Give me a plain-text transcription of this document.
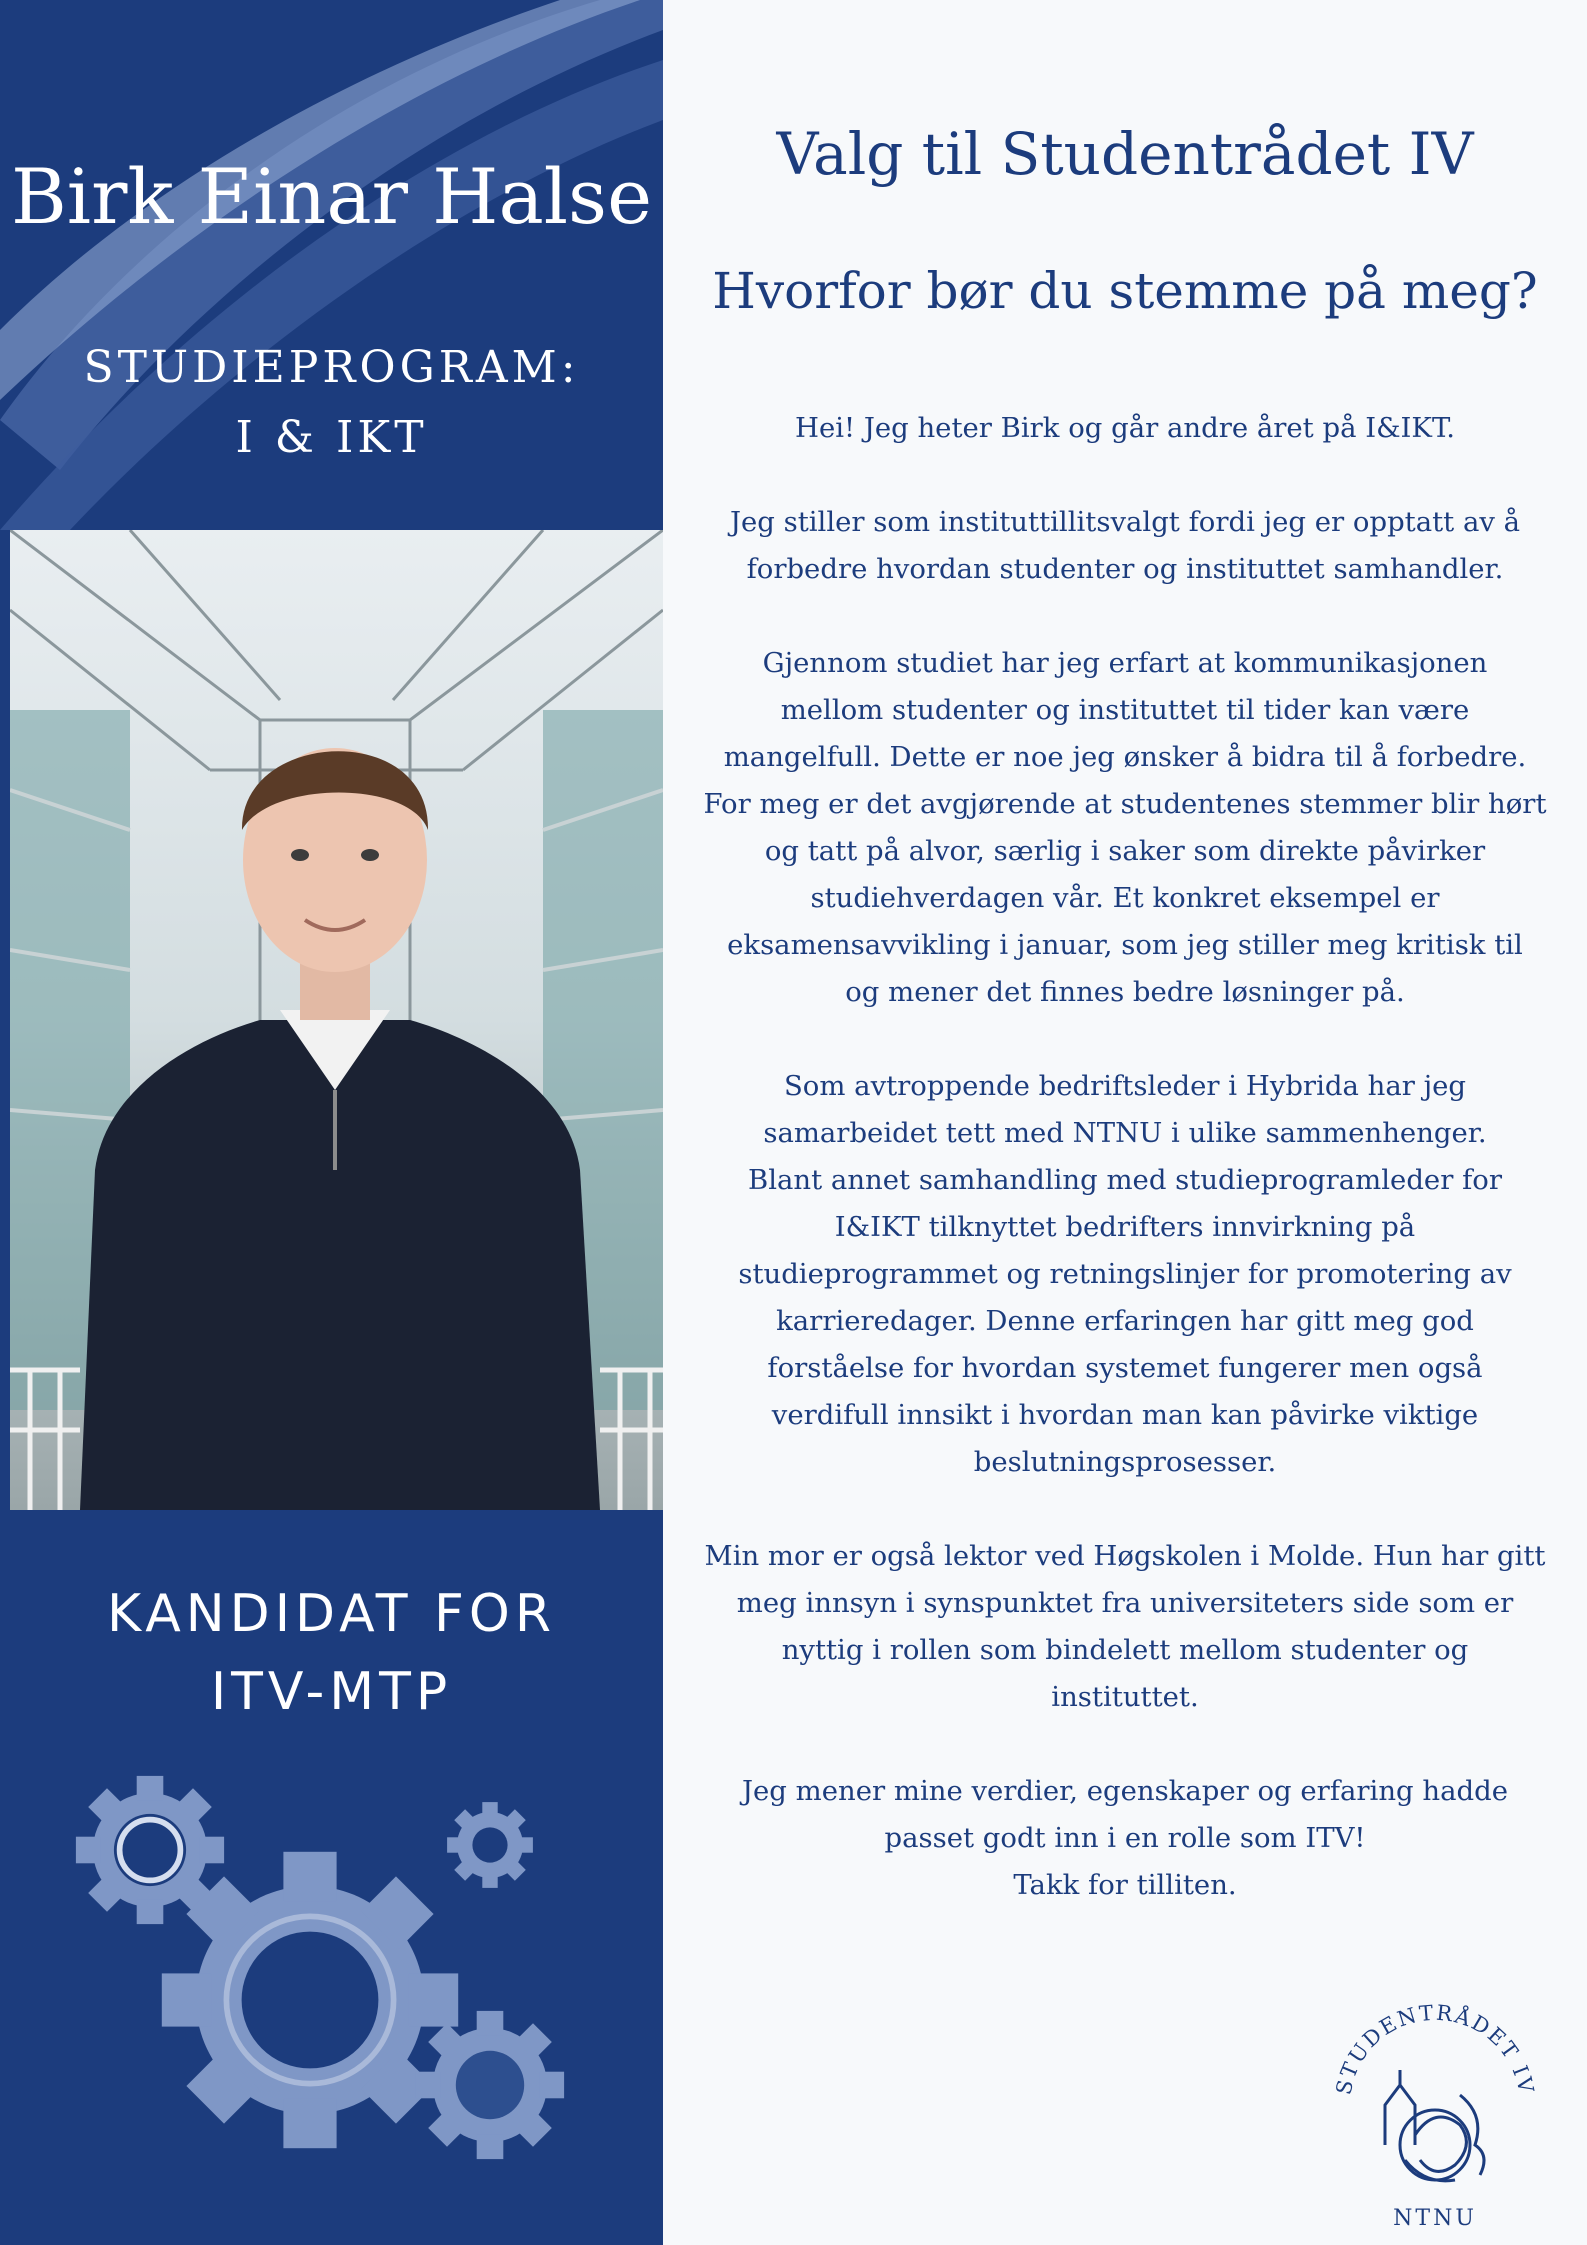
Birk Einar Halse
STUDIEPROGRAM:
I & IKT
KANDIDAT FOR
ITV-MTP
Valg til Studentrådet IV
Hvorfor bør du stemme på meg?

Hei! Jeg heter Birk og går andre året på I&IKT.

Jeg stiller som instituttillitsvalgt fordi jeg er opptatt av å
forbedre hvordan studenter og instituttet samhandler.

Gjennom studiet har jeg erfart at kommunikasjonen
mellom studenter og instituttet til tider kan være
mangelfull. Dette er noe jeg ønsker å bidra til å forbedre.
For meg er det avgjørende at studentenes stemmer blir hørt
og tatt på alvor, særlig i saker som direkte påvirker
studiehverdagen vår. Et konkret eksempel er
eksamensavvikling i januar, som jeg stiller meg kritisk til
og mener det finnes bedre løsninger på.

Som avtroppende bedriftsleder i Hybrida har jeg
samarbeidet tett med NTNU i ulike sammenhenger.
Blant annet samhandling med studieprogramleder for
I&IKT tilknyttet bedrifters innvirkning på
studieprogrammet og retningslinjer for promotering av
karrieredager. Denne erfaringen har gitt meg god
forståelse for hvordan systemet fungerer men også
verdifull innsikt i hvordan man kan påvirke viktige
beslutningsprosesser.

Min mor er også lektor ved Høgskolen i Molde. Hun har gitt
meg innsyn i synspunktet fra universiteters side som er
nyttig i rollen som bindelett mellom studenter og
instituttet.

Jeg mener mine verdier, egenskaper og erfaring hadde
passet godt inn i en rolle som ITV!
Takk for tilliten.

STUDENTRÅDET IV
NTNU
